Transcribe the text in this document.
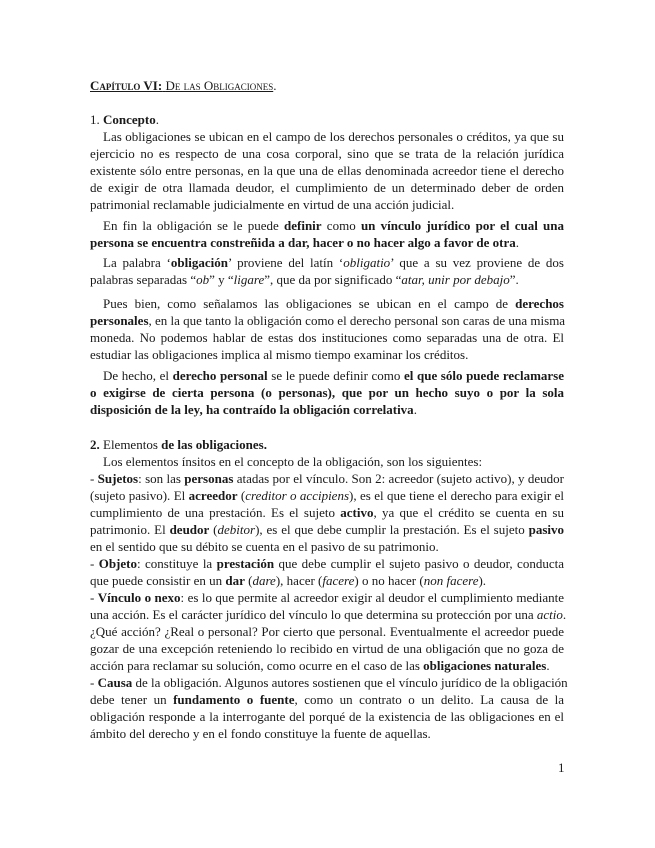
Capítulo VI: De las Obligaciones.
1. Concepto.
Las obligaciones se ubican en el campo de los derechos personales o créditos, ya que su
ejercicio no es respecto de una cosa corporal, sino que se trata de la relación jurídica
existente sólo entre personas, en la que una de ellas denominada acreedor tiene el derecho
de exigir de otra llamada deudor, el cumplimiento de un determinado deber de orden
patrimonial reclamable judicialmente en virtud de una acción judicial.
En fin la obligación se le puede definir como un vínculo jurídico por el cual una
persona se encuentra constreñida a dar, hacer o no hacer algo a favor de otra.
La palabra ‘obligación’ proviene del latín ‘obligatio’ que a su vez proviene de dos
palabras separadas “ob” y “ligare”, que da por significado “atar, unir por debajo”.
Pues bien, como señalamos las obligaciones se ubican en el campo de derechos
personales, en la que tanto la obligación como el derecho personal son caras de una misma
moneda. No podemos hablar de estas dos instituciones como separadas una de otra. El
estudiar las obligaciones implica al mismo tiempo examinar los créditos.
De hecho, el derecho personal se le puede definir como el que sólo puede reclamarse
o exigirse de cierta persona (o personas), que por un hecho suyo o por la sola
disposición de la ley, ha contraído la obligación correlativa.
2. Elementos de las obligaciones.
Los elementos ínsitos en el concepto de la obligación, son los siguientes:
- Sujetos: son las personas atadas por el vínculo. Son 2: acreedor (sujeto activo), y deudor
(sujeto pasivo). El acreedor (creditor o accipiens), es el que tiene el derecho para exigir el
cumplimiento de una prestación. Es el sujeto activo, ya que el crédito se cuenta en su
patrimonio. El deudor (debitor), es el que debe cumplir la prestación. Es el sujeto pasivo
en el sentido que su débito se cuenta en el pasivo de su patrimonio.
- Objeto: constituye la prestación que debe cumplir el sujeto pasivo o deudor, conducta
que puede consistir en un dar (dare), hacer (facere) o no hacer (non facere).
- Vínculo o nexo: es lo que permite al acreedor exigir al deudor el cumplimiento mediante
una acción. Es el carácter jurídico del vínculo lo que determina su protección por una actio.
¿Qué acción? ¿Real o personal? Por cierto que personal. Eventualmente el acreedor puede
gozar de una excepción reteniendo lo recibido en virtud de una obligación que no goza de
acción para reclamar su solución, como ocurre en el caso de las obligaciones naturales.
- Causa de la obligación. Algunos autores sostienen que el vínculo jurídico de la obligación
debe tener un fundamento o fuente, como un contrato o un delito. La causa de la
obligación responde a la interrogante del porqué de la existencia de las obligaciones en el
ámbito del derecho y en el fondo constituye la fuente de aquellas.
1
